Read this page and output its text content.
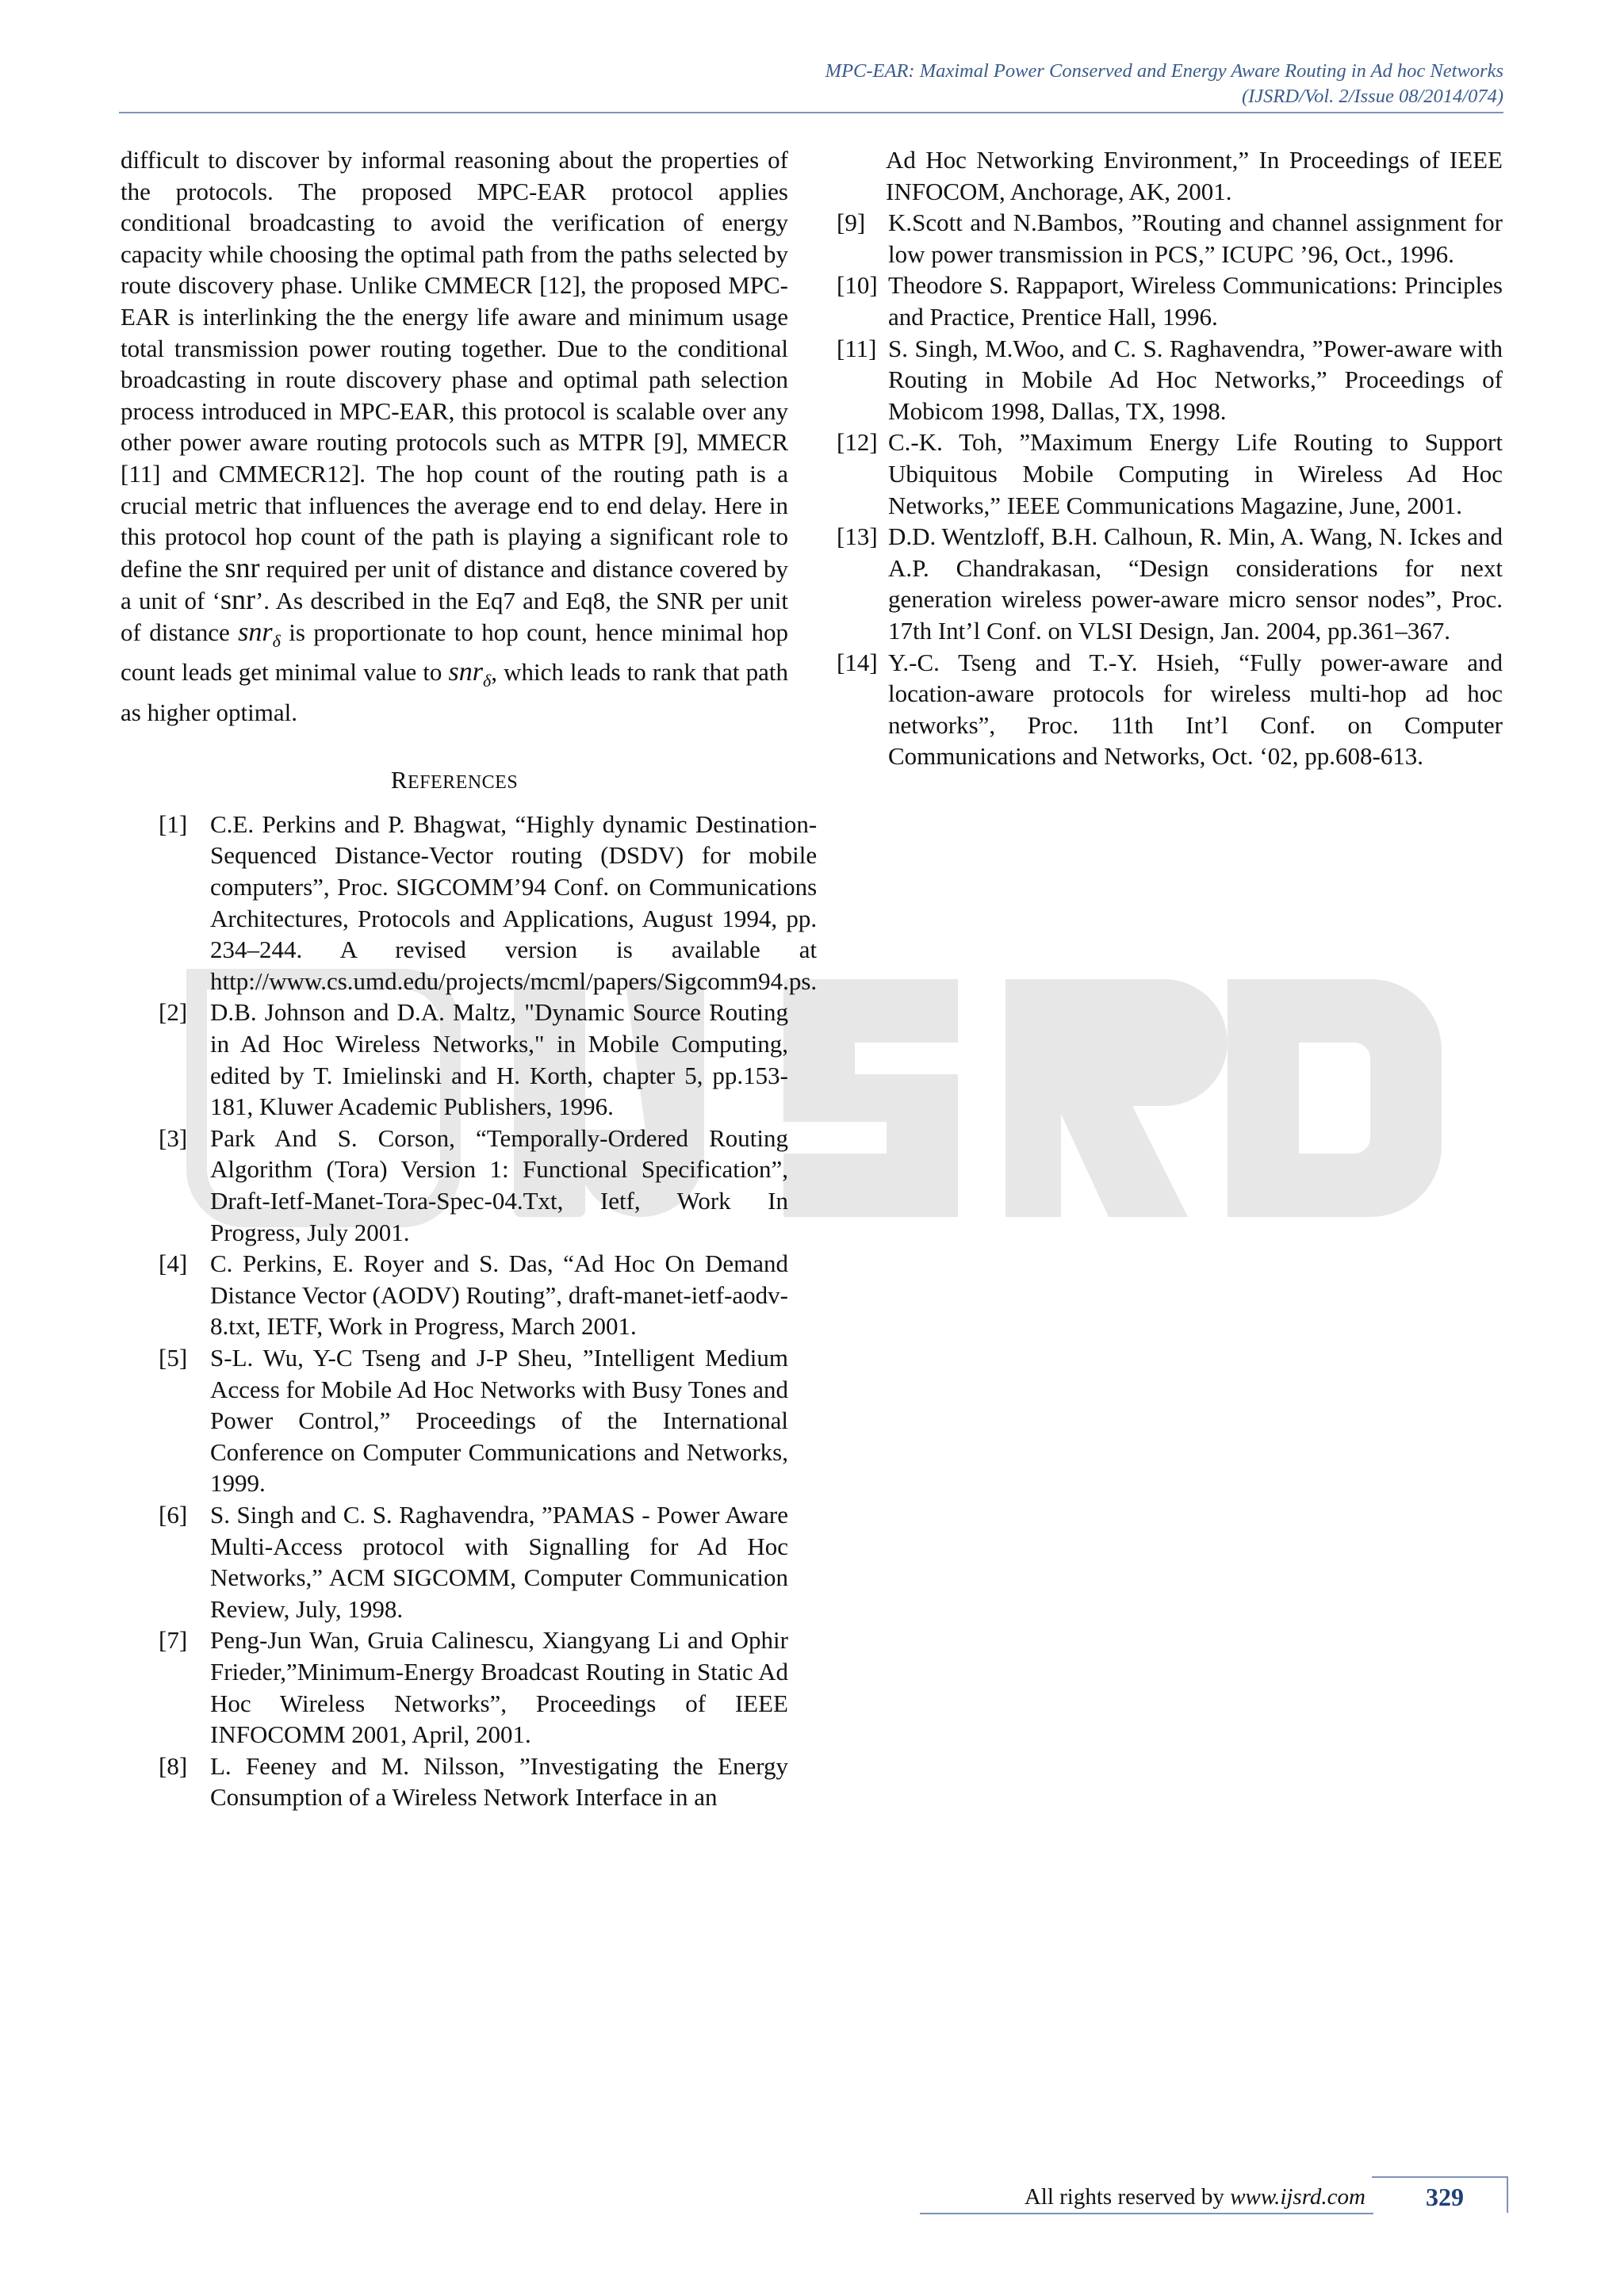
MPC-EAR: Maximal Power Conserved and Energy Aware Routing in Ad hoc Networks
(IJSRD/Vol. 2/Issue 08/2014/074)

difficult to discover by informal reasoning about the properties of the protocols. The proposed MPC-EAR protocol applies conditional broadcasting to avoid the verification of energy capacity while choosing the optimal path from the paths selected by route discovery phase. Unlike CMMECR [12], the proposed MPC-EAR is interlinking the the energy life aware and minimum usage total transmission power routing together. Due to the conditional broadcasting in route discovery phase and optimal path selection process introduced in MPC-EAR, this protocol is scalable over any other power aware routing protocols such as MTPR [9], MMECR [11] and CMMECR12]. The hop count of the routing path is a crucial metric that influences the average end to end delay. Here in this protocol hop count of the path is playing a significant role to define the snr required per unit of distance and distance covered by a unit of ‘snr’. As described in the Eq7 and Eq8, the SNR per unit of distance snr$_\delta$ is proportionate to hop count, hence minimal hop count leads get minimal value to snr$_\delta$, which leads to rank that path as higher optimal.

REFERENCES
[1] C.E. Perkins and P. Bhagwat, “Highly dynamic Destination-Sequenced Distance-Vector routing (DSDV) for mobile computers”, Proc. SIGCOMM’94 Conf. on Communications Architectures, Protocols and Applications, August 1994, pp. 234–244. A revised version is available at http://www.cs.umd.edu/projects/mcml/papers/Sigcomm94.ps.
[2] D.B. Johnson and D.A. Maltz, "Dynamic Source Routing in Ad Hoc Wireless Networks," in Mobile Computing, edited by T. Imielinski and H. Korth, chapter 5, pp.153-181, Kluwer Academic Publishers, 1996.
[3] Park And S. Corson, “Temporally-Ordered Routing Algorithm (Tora) Version 1: Functional Specification”, Draft-Ietf-Manet-Tora-Spec-04.Txt, Ietf, Work In Progress, July 2001.
[4] C. Perkins, E. Royer and S. Das, “Ad Hoc On Demand Distance Vector (AODV) Routing”, draft-manet-ietf-aodv-8.txt, IETF, Work in Progress, March 2001.
[5] S-L. Wu, Y-C Tseng and J-P Sheu, ”Intelligent Medium Access for Mobile Ad Hoc Networks with Busy Tones and Power Control,” Proceedings of the International Conference on Computer Communications and Networks, 1999.
[6] S. Singh and C. S. Raghavendra, ”PAMAS - Power Aware Multi-Access protocol with Signalling for Ad Hoc Networks,” ACM SIGCOMM, Computer Communication Review, July, 1998.
[7] Peng-Jun Wan, Gruia Calinescu, Xiangyang Li and Ophir Frieder,”Minimum-Energy Broadcast Routing in Static Ad Hoc Wireless Networks”, Proceedings of IEEE INFOCOMM 2001, April, 2001.
[8] L. Feeney and M. Nilsson, ”Investigating the Energy Consumption of a Wireless Network Interface in an
Ad Hoc Networking Environment,” In Proceedings of IEEE INFOCOM, Anchorage, AK, 2001.
[9] K.Scott and N.Bambos, ”Routing and channel assignment for low power transmission in PCS,” ICUPC ’96, Oct., 1996.
[10] Theodore S. Rappaport, Wireless Communications: Principles and Practice, Prentice Hall, 1996.
[11] S. Singh, M.Woo, and C. S. Raghavendra, ”Power-aware with Routing in Mobile Ad Hoc Networks,” Proceedings of Mobicom 1998, Dallas, TX, 1998.
[12] C.-K. Toh, ”Maximum Energy Life Routing to Support Ubiquitous Mobile Computing in Wireless Ad Hoc Networks,” IEEE Communications Magazine, June, 2001.
[13] D.D. Wentzloff, B.H. Calhoun, R. Min, A. Wang, N. Ickes and A.P. Chandrakasan, “Design considerations for next generation wireless power-aware micro sensor nodes”, Proc. 17th Int’l Conf. on VLSI Design, Jan. 2004, pp.361–367.
[14] Y.-C. Tseng and T.-Y. Hsieh, “Fully power-aware and location-aware protocols for wireless multi-hop ad hoc networks”, Proc. 11th Int’l Conf. on Computer Communications and Networks, Oct. ‘02, pp.608-613.
All rights reserved by www.ijsrd.com 329
